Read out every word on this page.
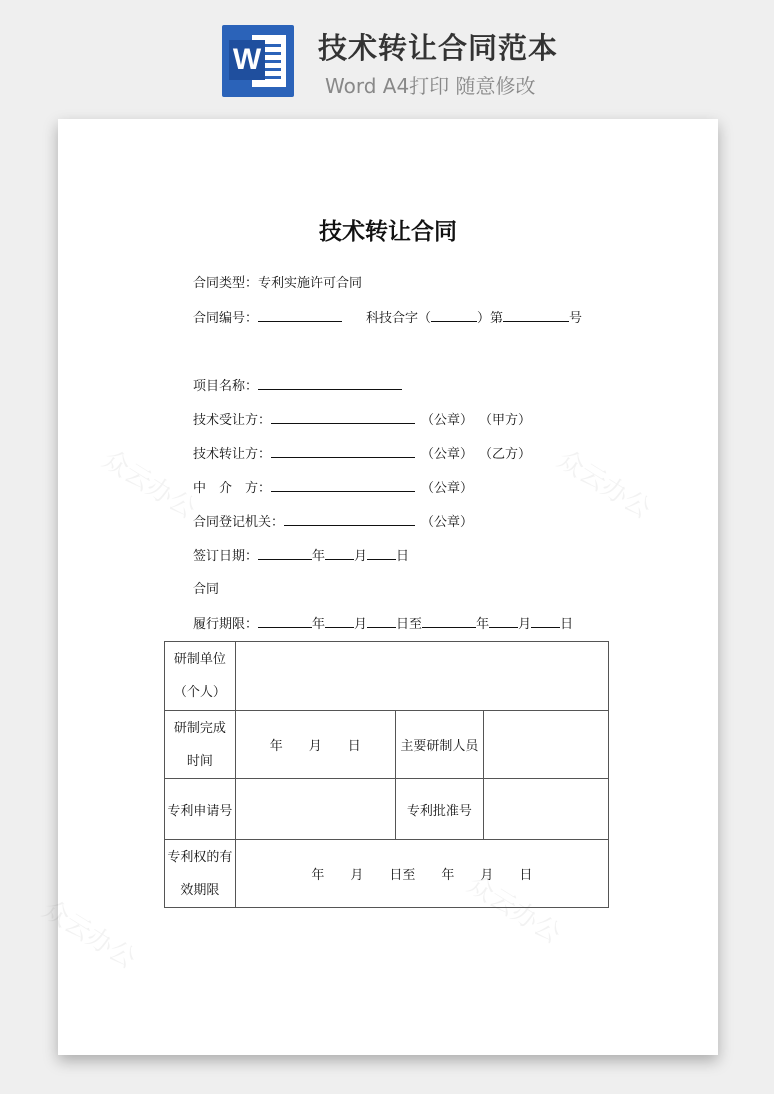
W 技术转让合同范本
Word A4打印 随意修改
众云办公	众云办公
众云办公	众云办公
技术转让合同
合同类型：专利实施许可合同
合同编号：	科技合字（	）第	号
项目名称：
技术受让方：	（公章） （甲方）
技术转让方：	（公章） （乙方）
中　介　方：	（公章）
合同登记机关：	（公章）
签订日期：	年 月 日
合同
履行期限：	年 月 日至	年 月 日
研制单位
（个人）			

研制完成
时间	年　　月　　日	主要研制人员	
专利申请号		专利批准号	

专利权的有
效期限	年　　月　　日至　　年　　月　　日		
